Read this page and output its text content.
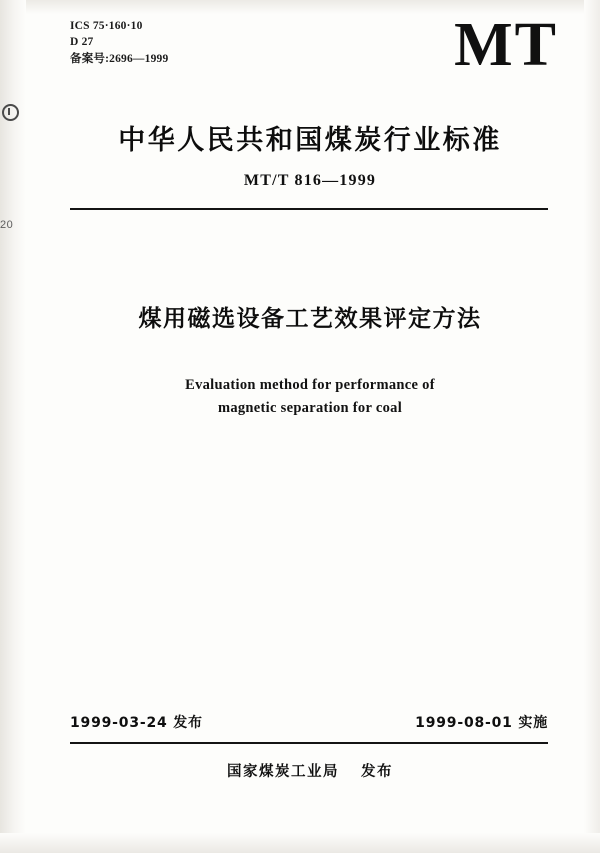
20
ICS 75·160·10
D 27
备案号:2696—1999	MT
中华人民共和国煤炭行业标准
MT/T 816—1999
煤用磁选设备工艺效果评定方法
Evaluation method for performance of
magnetic separation for coal
1999-03-24 发布	1999-08-01 实施
国家煤炭工业局 发布
